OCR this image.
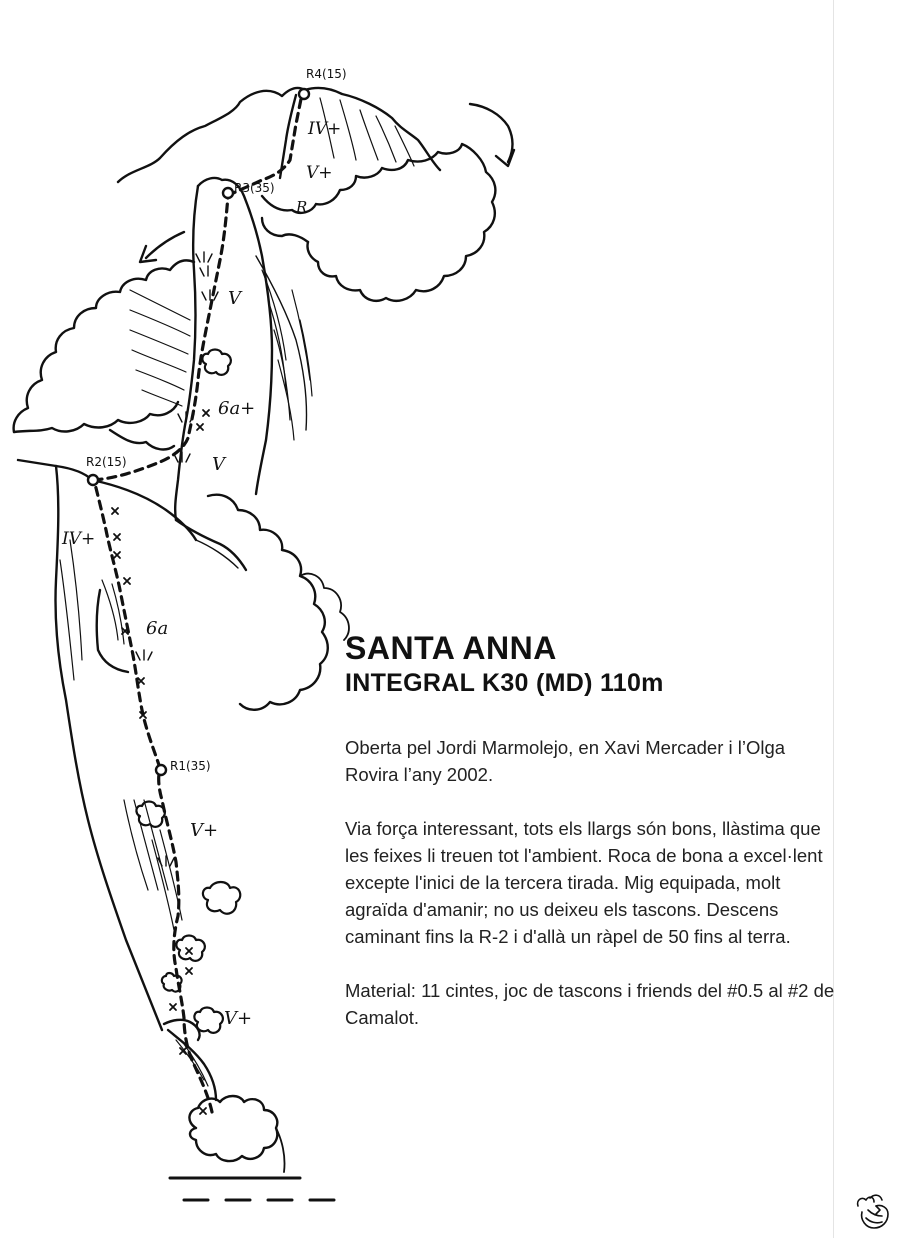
R4(15)
R3(35)
R2(15)
R1(35)
IV+
V+
R
V
6a+
V
IV+
6a
V+
V+
SANTA ANNA
INTEGRAL K30 (MD) 110m

Oberta pel Jordi Marmolejo, en Xavi Mercader i l’Olga Rovira l’any 2002.

Via força interessant, tots els llargs són bons, llàstima que les feixes li treuen tot l'ambient. Roca de bona a excel·lent excepte l'inici de la tercera tirada. Mig equipada, molt agraïda d'amanir; no us deixeu els tascons. Descens caminant fins la R-2 i d'allà un ràpel de 50 fins al terra.

Material: 11 cintes, joc de tascons i friends del #0.5 al #2 de Camalot.
